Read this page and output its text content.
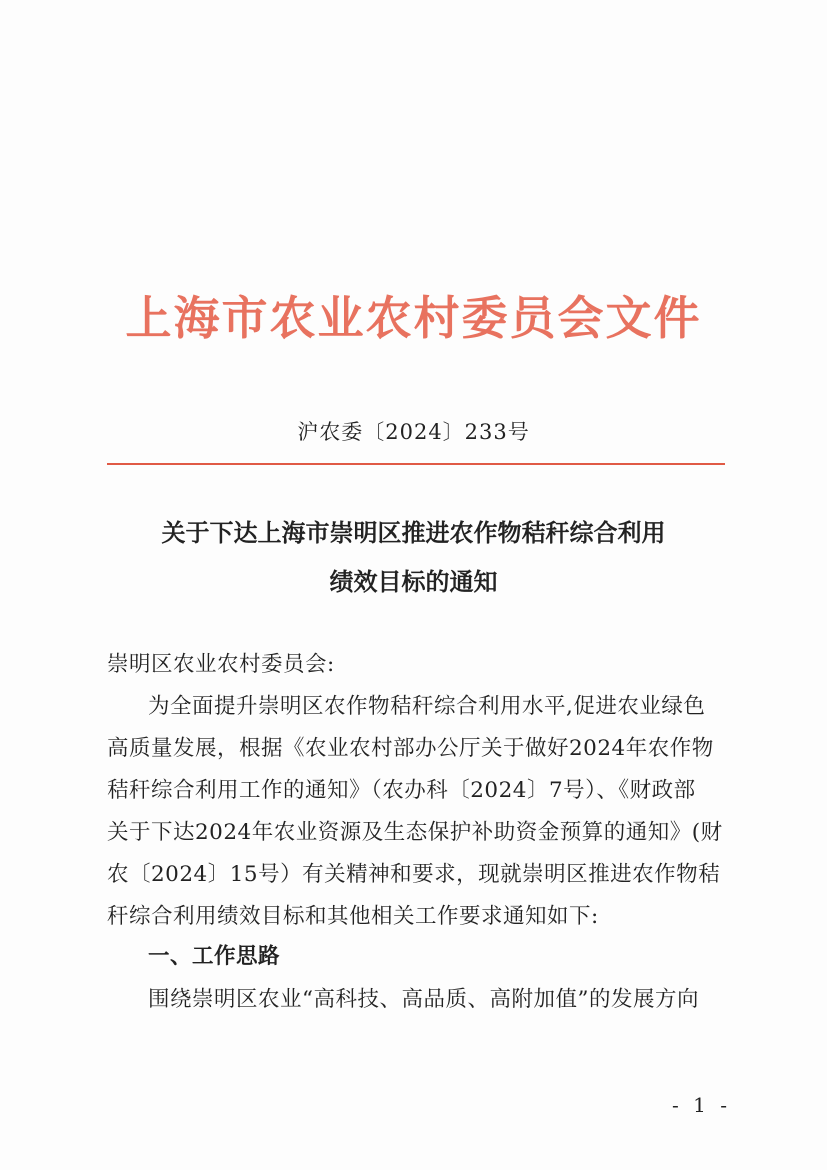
上海市农业农村委员会文件
沪农委〔2024〕233号
关于下达上海市崇明区推进农作物秸秆综合利用
绩效目标的通知
崇明区农业农村委员会:
为全面提升崇明区农作物秸秆综合利用水平,促进农业绿色
高质量发展，根据《农业农村部办公厅关于做好2024年农作物
秸秆综合利用工作的通知》（农办科〔2024〕7号）、《财政部
关于下达2024年农业资源及生态保护补助资金预算的通知》(财
农〔2024〕15号）有关精神和要求，现就崇明区推进农作物秸
秆综合利用绩效目标和其他相关工作要求通知如下:
一、工作思路
围绕崇明区农业“高科技、高品质、高附加值”的发展方向
- 1 -
